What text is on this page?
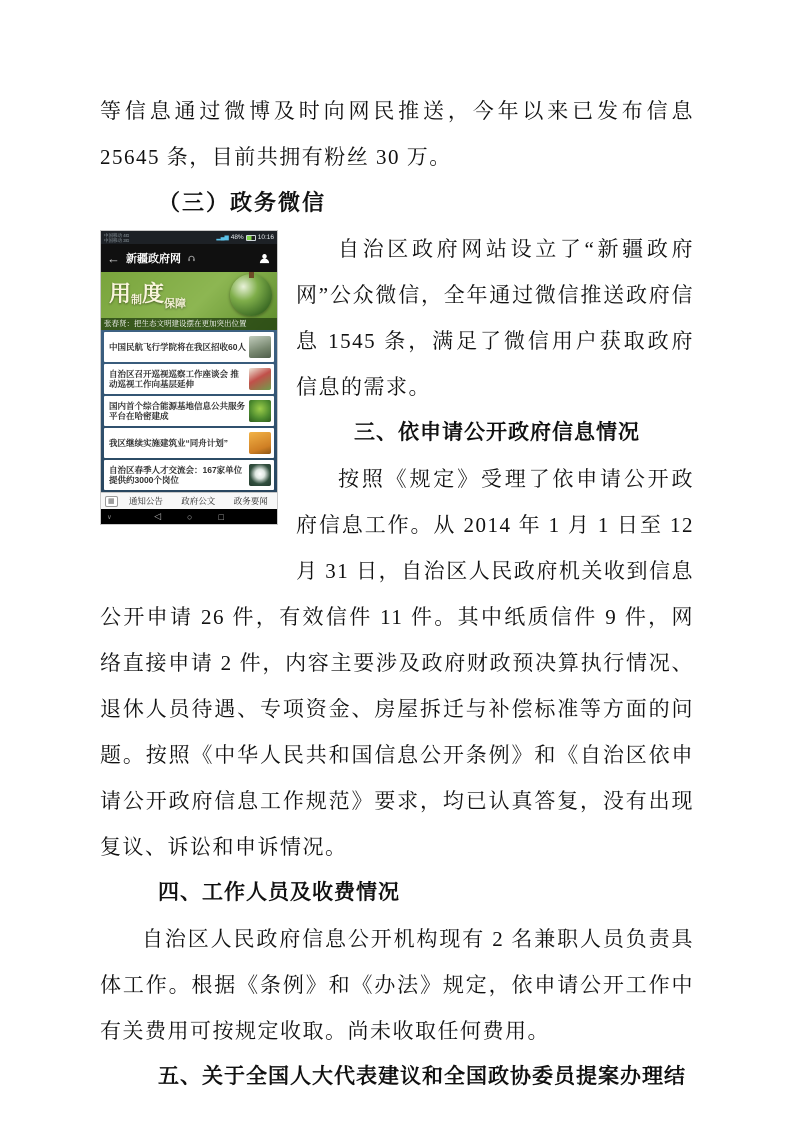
等信息通过微博及时向网民推送，今年以来已发布信息 25645 条，目前共拥有粉丝 30 万。

（三）政务微信

中国移动 4G
中国移动 3G	▂▄▆ 48% 10:16
← 新疆政府网
用制度$_{保障}$
张春贤：把生态文明建设摆在更加突出位置
中国民航飞行学院将在我区招收60人
自治区召开巡视巡察工作座谈会 推动巡视工作向基层延伸
国内首个综合能源基地信息公共服务平台在哈密建成
我区继续实施建筑业“同舟计划”
自治区春季人才交流会：167家单位提供约3000个岗位
▦	通知公告	政府公文	政务要闻
∨	◁	○	□

自治区政府网站设立了“新疆政府网”公众微信，全年通过微信推送政府信息 1545 条，满足了微信用户获取政府信息的需求。

三、依申请公开政府信息情况

按照《规定》受理了依申请公开政府信息工作。从 2014 年 1 月 1 日至 12 月 31 日，自治区人民政府机关收到信息公开申请 26 件，有效信件 11 件。其中纸质信件 9 件，网络直接申请 2 件，内容主要涉及政府财政预决算执行情况、退休人员待遇、专项资金、房屋拆迁与补偿标准等方面的问题。按照《中华人民共和国信息公开条例》和《自治区依申请公开政府信息工作规范》要求，均已认真答复，没有出现复议、诉讼和申诉情况。

四、工作人员及收费情况

自治区人民政府信息公开机构现有 2 名兼职人员负责具体工作。根据《条例》和《办法》规定，依申请公开工作中有关费用可按规定收取。尚未收取任何费用。

五、关于全国人大代表建议和全国政协委员提案办理结
